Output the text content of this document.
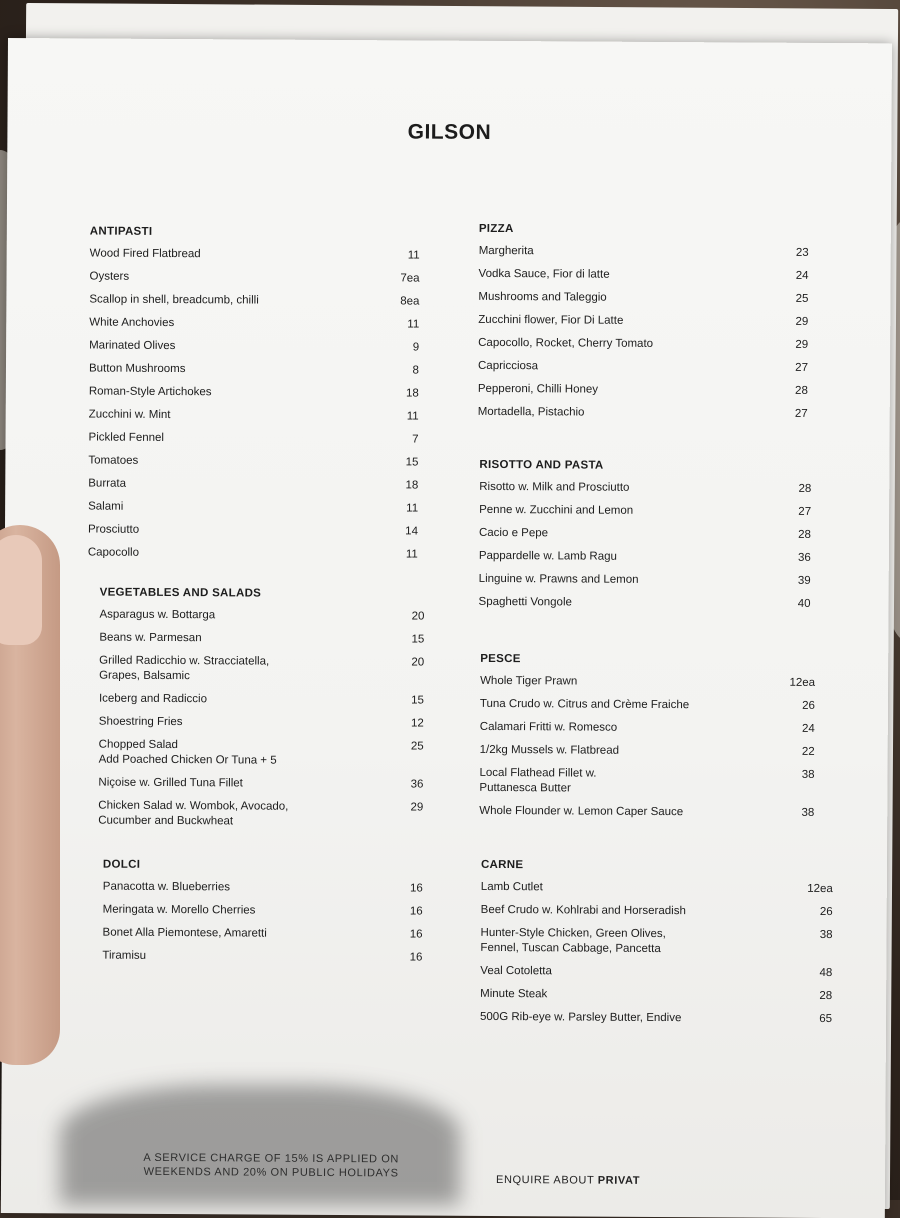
GILSON
ANTIPASTI
Wood Fired Flatbread	11
Oysters	7ea
Scallop in shell, breadcumb, chilli	8ea
White Anchovies	11
Marinated Olives	9
Button Mushrooms	8
Roman-Style Artichokes	18
Zucchini w. Mint	11
Pickled Fennel	7
Tomatoes	15
Burrata	18
Salami	11
Prosciutto	14
Capocollo	11
VEGETABLES AND SALADS
Asparagus w. Bottarga	20
Beans w. Parmesan	15
Grilled Radicchio w. Stracciatella,
Grapes, Balsamic
20
Iceberg and Radiccio	15
Shoestring Fries	12
Chopped Salad
Add Poached Chicken Or Tuna + 5
25
Niçoise w. Grilled Tuna Fillet	36
Chicken Salad w. Wombok, Avocado,
Cucumber and Buckwheat
29
DOLCI
Panacotta w. Blueberries	16
Meringata w. Morello Cherries	16
Bonet Alla Piemontese, Amaretti	16
Tiramisu	16
PIZZA
Margherita	23
Vodka Sauce, Fior di latte	24
Mushrooms and Taleggio	25
Zucchini flower, Fior Di Latte	29
Capocollo, Rocket, Cherry Tomato	29
Capricciosa	27
Pepperoni, Chilli Honey	28
Mortadella, Pistachio	27
RISOTTO AND PASTA
Risotto w. Milk and Prosciutto	28
Penne w. Zucchini and Lemon	27
Cacio e Pepe	28
Pappardelle w. Lamb Ragu	36
Linguine w. Prawns and Lemon	39
Spaghetti Vongole	40
PESCE
Whole Tiger Prawn	12ea
Tuna Crudo w. Citrus and Crème Fraiche	26
Calamari Fritti w. Romesco	24
1/2kg Mussels w. Flatbread	22
Local Flathead Fillet w.
Puttanesca Butter
38
Whole Flounder w. Lemon Caper Sauce	38
CARNE
Lamb Cutlet	12ea
Beef Crudo w. Kohlrabi and Horseradish	26
Hunter-Style Chicken, Green Olives,
Fennel, Tuscan Cabbage, Pancetta
38
Veal Cotoletta	48
Minute Steak	28
500G Rib-eye w. Parsley Butter, Endive	65
A SERVICE CHARGE OF 15% IS APPLIED ON
WEEKENDS AND 20% ON PUBLIC HOLIDAYS
ENQUIRE ABOUT PRIVAT
